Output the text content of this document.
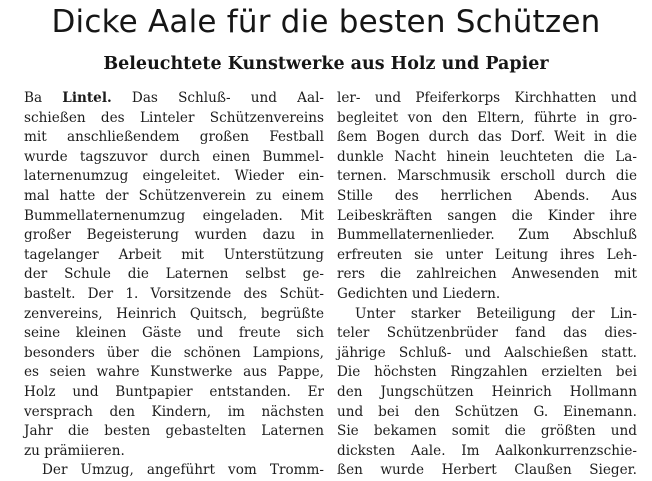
Dicke Aale für die besten Schützen
Beleuchtete Kunstwerke aus Holz und Papier
Ba Lintel. Das Schluß- und Aal-
schießen des Linteler Schützenvereins
mit anschließendem großen Festball
wurde tagszuvor durch einen Bummel-
laternenumzug eingeleitet. Wieder ein-
mal hatte der Schützenverein zu einem
Bummellaternenumzug eingeladen. Mit
großer Begeisterung wurden dazu in
tagelanger Arbeit mit Unterstützung
der Schule die Laternen selbst ge-
bastelt. Der 1. Vorsitzende des Schüt-
zenvereins, Heinrich Quitsch, begrüßte
seine kleinen Gäste und freute sich
besonders über die schönen Lampions,
es seien wahre Kunstwerke aus Pappe,
Holz und Buntpapier entstanden. Er
versprach den Kindern, im nächsten
Jahr die besten gebastelten Laternen
zu prämiieren.
Der Umzug, angeführt vom Tromm-
ler- und Pfeiferkorps Kirchhatten und
begleitet von den Eltern, führte in gro-
ßem Bogen durch das Dorf. Weit in die
dunkle Nacht hinein leuchteten die La-
ternen. Marschmusik erscholl durch die
Stille des herrlichen Abends. Aus
Leibeskräften sangen die Kinder ihre
Bummellaternenlieder. Zum Abschluß
erfreuten sie unter Leitung ihres Leh-
rers die zahlreichen Anwesenden mit
Gedichten und Liedern.
Unter starker Beteiligung der Lin-
teler Schützenbrüder fand das dies-
jährige Schluß- und Aalschießen statt.
Die höchsten Ringzahlen erzielten bei
den Jungschützen Heinrich Hollmann
und bei den Schützen G. Einemann.
Sie bekamen somit die größten und
dicksten Aale. Im Aalkonkurrenzschie-
ßen wurde Herbert Claußen Sieger.
